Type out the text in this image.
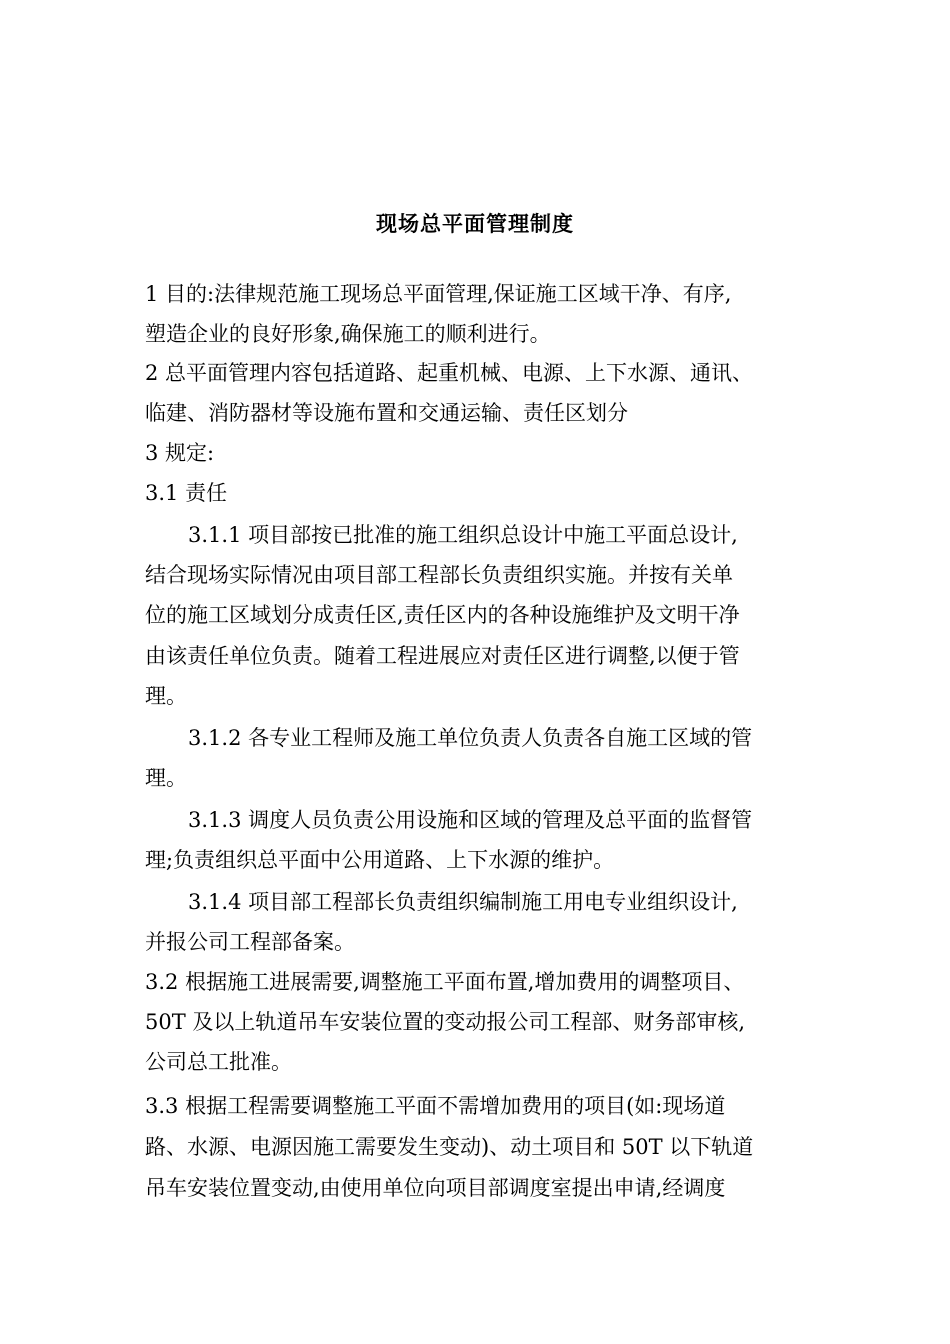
现场总平面管理制度
1 目的:法律规范施工现场总平面管理,保证施工区域干净、有序,
塑造企业的良好形象,确保施工的顺利进行。
2 总平面管理内容包括道路、起重机械、电源、上下水源、通讯、
临建、消防器材等设施布置和交通运输、责任区划分
3 规定:
3.1 责任
3.1.1 项目部按已批准的施工组织总设计中施工平面总设计,
结合现场实际情况由项目部工程部长负责组织实施。并按有关单
位的施工区域划分成责任区,责任区内的各种设施维护及文明干净
由该责任单位负责。随着工程进展应对责任区进行调整,以便于管
理。
3.1.2 各专业工程师及施工单位负责人负责各自施工区域的管
理。
3.1.3 调度人员负责公用设施和区域的管理及总平面的监督管
理;负责组织总平面中公用道路、上下水源的维护。
3.1.4 项目部工程部长负责组织编制施工用电专业组织设计,
并报公司工程部备案。
3.2 根据施工进展需要,调整施工平面布置,增加费用的调整项目、
50T 及以上轨道吊车安装位置的变动报公司工程部、财务部审核,
公司总工批准。
3.3 根据工程需要调整施工平面不需增加费用的项目(如:现场道
路、水源、电源因施工需要发生变动)、动土项目和 50T 以下轨道
吊车安装位置变动,由使用单位向项目部调度室提出申请,经调度
